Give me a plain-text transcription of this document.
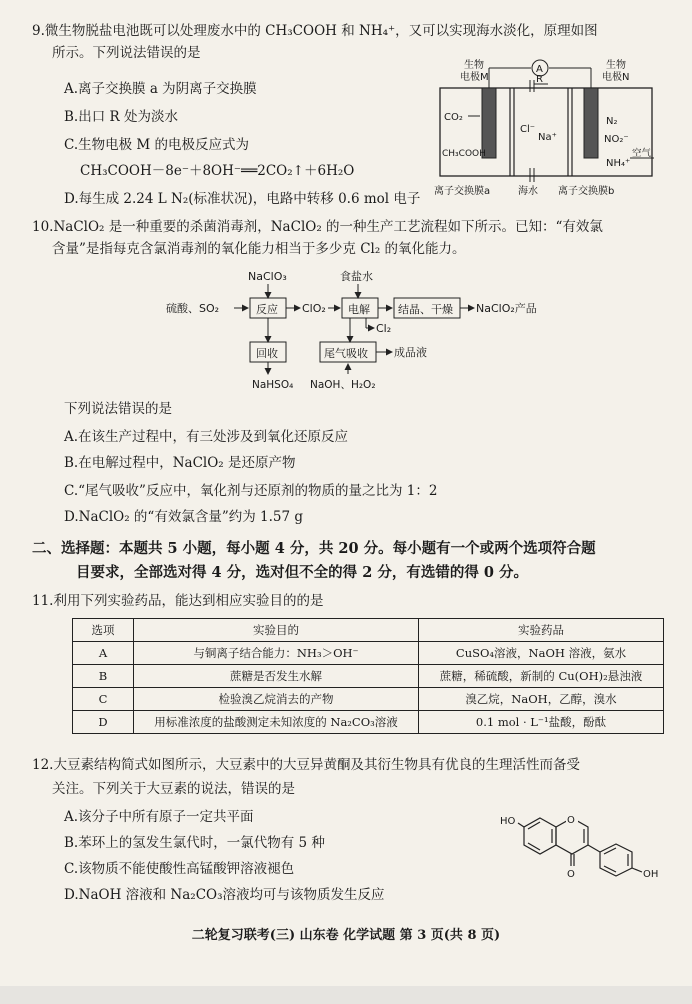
9.微生物脱盐电池既可以处理废水中的 CH₃COOH 和 NH₄⁺，又可以实现海水淡化，原理如图
所示。下列说法错误的是
A.离子交换膜 a 为阴离子交换膜
B.出口 R 处为淡水
C.生物电极 M 的电极反应式为
CH₃COOH－8e⁻＋8OH⁻══2CO₂↑＋6H₂O
D.每生成 2.24 L N₂(标准状况)，电路中转移 0.6 mol 电子
A
生物
电极M
生物
电极N
R
CO₂
CH₃COOH
Cl⁻
Na⁺
N₂
NO₂⁻
NH₄⁺
空气
离子交换膜a	海水 离子交换膜b
10.NaClO₂ 是一种重要的杀菌消毒剂，NaClO₂ 的一种生产工艺流程如下所示。已知：“有效氯
含量”是指每克含氯消毒剂的氧化能力相当于多少克 Cl₂ 的氧化能力。
NaClO₃
硫酸、SO₂	反应 ClO₂
食盐水
电解	结晶、干燥 NaClO₂产品
Cl₂
回收
NaHSO₄
尾气吸收 成品液
NaOH、H₂O₂
下列说法错误的是
A.在该生产过程中，有三处涉及到氧化还原反应
B.在电解过程中，NaClO₂ 是还原产物
C.“尾气吸收”反应中，氧化剂与还原剂的物质的量之比为 1：2
D.NaClO₂ 的“有效氯含量”约为 1.57 g
二、选择题：本题共 5 小题，每小题 4 分，共 20 分。每小题有一个或两个选项符合题
目要求，全部选对得 4 分，选对但不全的得 2 分，有选错的得 0 分。
11.利用下列实验药品，能达到相应实验目的的是
选项	实验目的	实验药品
A	与铜离子结合能力：NH₃＞OH⁻	CuSO₄溶液，NaOH 溶液，氨水
B	蔗糖是否发生水解	蔗糖，稀硫酸，新制的 Cu(OH)₂悬浊液
C	检验溴乙烷消去的产物	溴乙烷，NaOH，乙醇，溴水
D	用标准浓度的盐酸测定未知浓度的 Na₂CO₃溶液	0.1 mol · L⁻¹盐酸，酚酞
12.大豆素结构简式如图所示，大豆素中的大豆异黄酮及其衍生物具有优良的生理活性而备受
关注。下列关于大豆素的说法，错误的是
A.该分子中所有原子一定共平面
B.苯环上的氢发生氯代时，一氯代物有 5 种
C.该物质不能使酸性高锰酸钾溶液褪色
D.NaOH 溶液和 Na₂CO₃溶液均可与该物质发生反应
O
O
HO
OH
二轮复习联考(三) 山东卷 化学试题 第 3 页(共 8 页)
